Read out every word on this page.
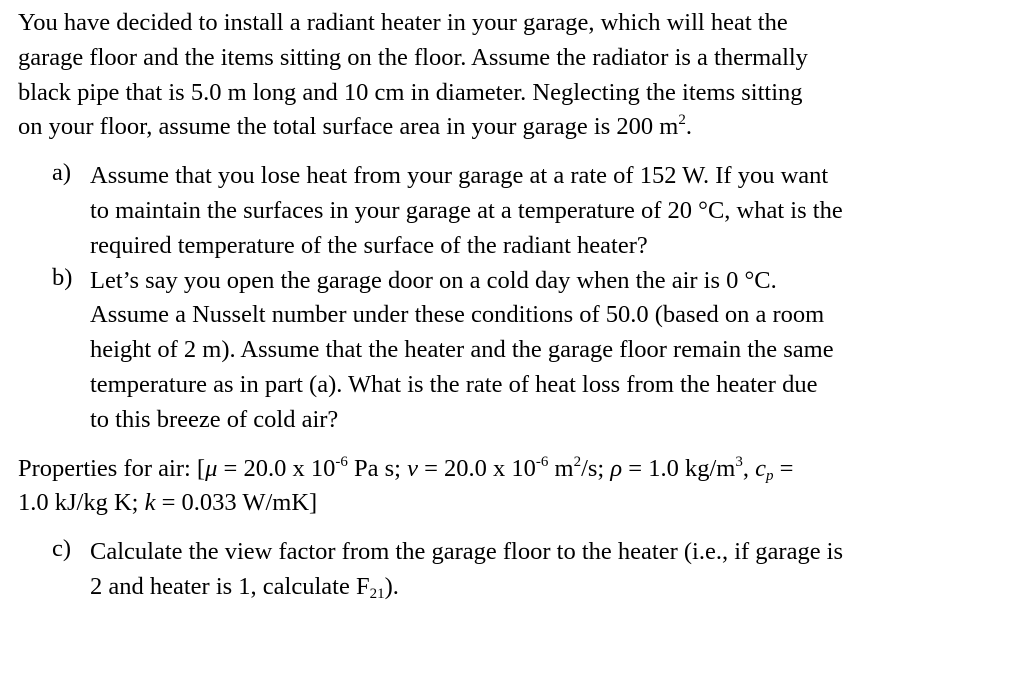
You have decided to install a radiant heater in your garage, which will heat the
garage floor and the items sitting on the floor. Assume the radiator is a thermally
black pipe that is 5.0 m long and 10 cm in diameter. Neglecting the items sitting
on your floor, assume the total surface area in your garage is 200 $m^2$.
a) Assume that you lose heat from your garage at a rate of 152 W. If you want
to maintain the surfaces in your garage at a temperature of 20 °C, what is the
required temperature of the surface of the radiant heater?
b) Let’s say you open the garage door on a cold day when the air is 0 °C.
Assume a Nusselt number under these conditions of 50.0 (based on a room
height of 2 m). Assume that the heater and the garage floor remain the same
temperature as in part (a). What is the rate of heat loss from the heater due
to this breeze of cold air?
Properties for air: [μ = 20.0 x $10^{-6}$ Pa s; ν = 20.0 x $10^{-6}$ $m^2/s$; ρ = 1.0 $kg/m^3$, $c_p$ =
1.0 kJ/kg K; k = 0.033 W/mK]
c) Calculate the view factor from the garage floor to the heater (i.e., if garage is
2 and heater is 1, calculate $F_{21}$).
